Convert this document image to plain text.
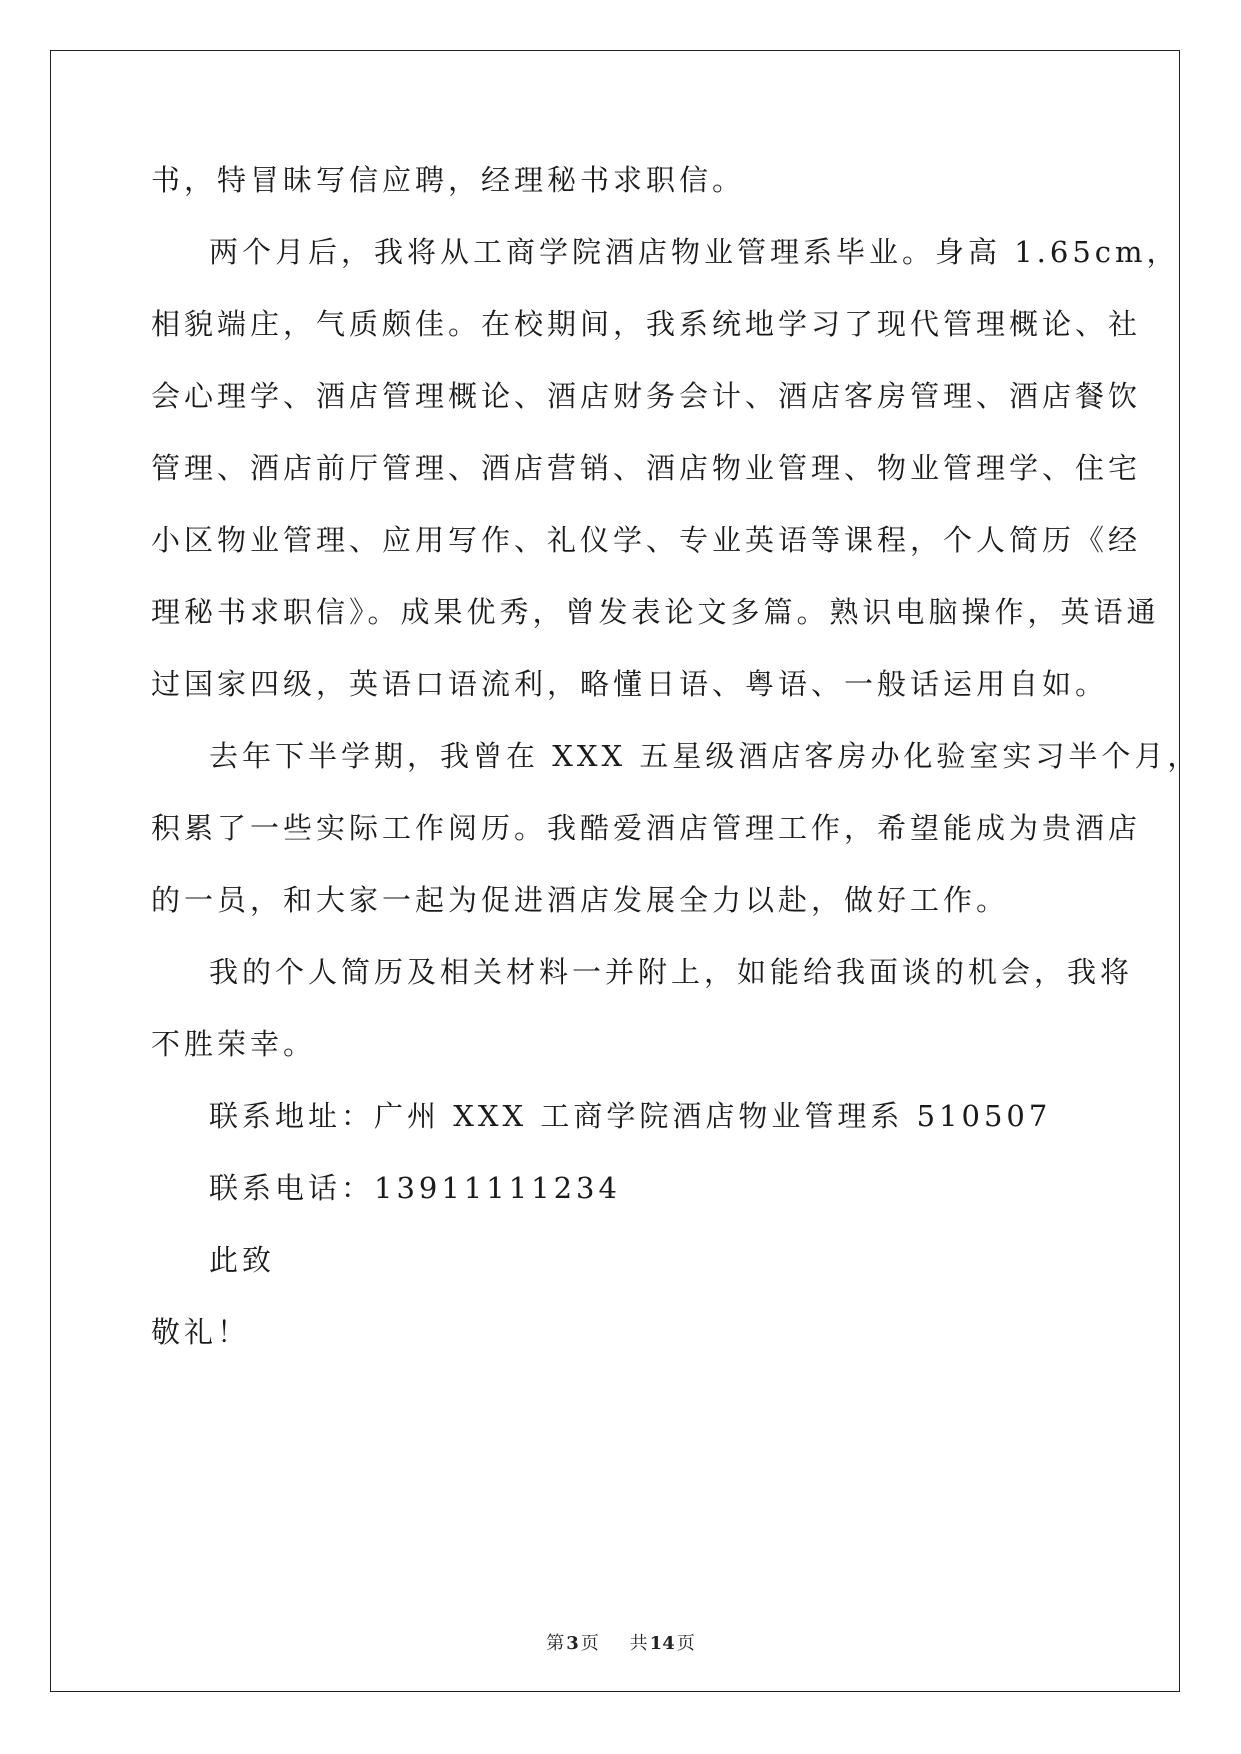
书，特冒昧写信应聘，经理秘书求职信。
两个月后，我将从工商学院酒店物业管理系毕业。身高 1.65cm，
相貌端庄，气质颇佳。在校期间，我系统地学习了现代管理概论、社
会心理学、酒店管理概论、酒店财务会计、酒店客房管理、酒店餐饮
管理、酒店前厅管理、酒店营销、酒店物业管理、物业管理学、住宅
小区物业管理、应用写作、礼仪学、专业英语等课程，个人简历《经
理秘书求职信》。成果优秀，曾发表论文多篇。熟识电脑操作，英语通
过国家四级，英语口语流利，略懂日语、粤语、一般话运用自如。
去年下半学期，我曾在 XXX 五星级酒店客房办化验室实习半个月，
积累了一些实际工作阅历。我酷爱酒店管理工作，希望能成为贵酒店
的一员，和大家一起为促进酒店发展全力以赴，做好工作。
我的个人简历及相关材料一并附上，如能给我面谈的机会，我将
不胜荣幸。
联系地址：广州 XXX 工商学院酒店物业管理系 510507
联系电话：13911111234
此致
敬礼！
第 3 页 共 14 页
